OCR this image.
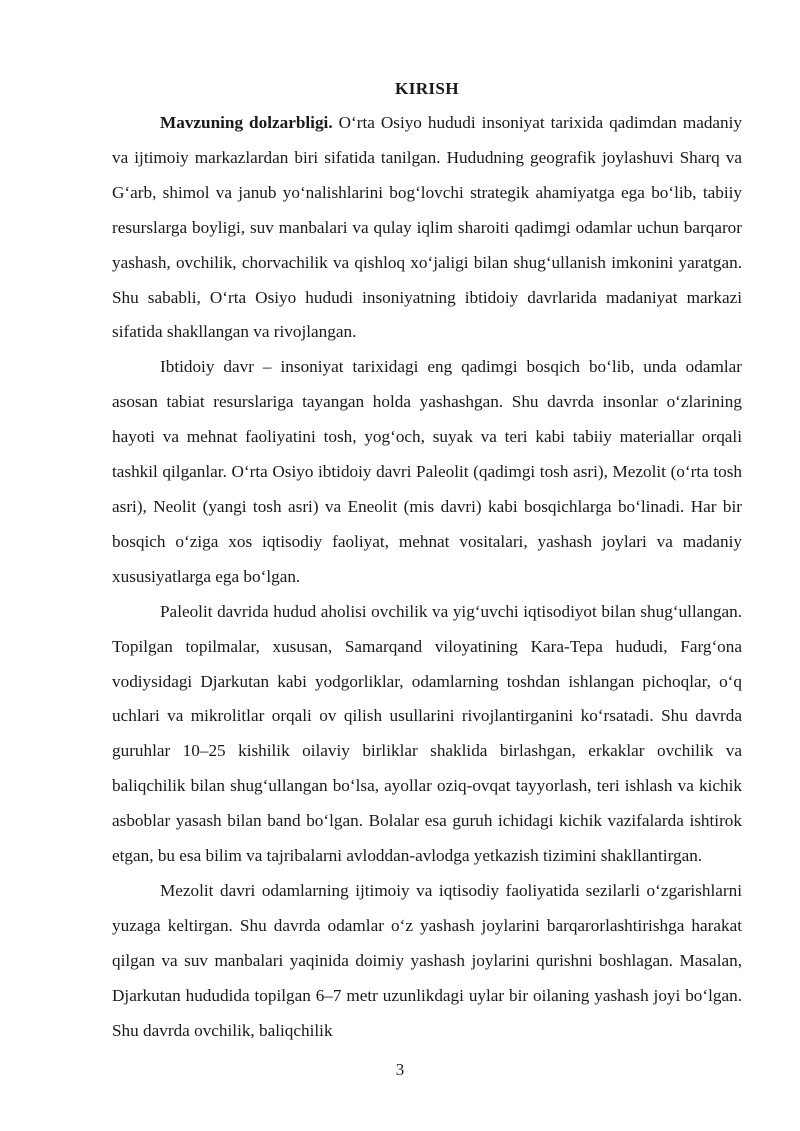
KIRISH

Mavzuning dolzarbligi. O‘rta Osiyo hududi insoniyat tarixida qadimdan madaniy va ijtimoiy markazlardan biri sifatida tanilgan. Hududning geografik joylashuvi Sharq va G‘arb, shimol va janub yo‘nalishlarini bog‘lovchi strategik ahamiyatga ega bo‘lib, tabiiy resurslarga boyligi, suv manbalari va qulay iqlim sharoiti qadimgi odamlar uchun barqaror yashash, ovchilik, chorvachilik va qishloq xo‘jaligi bilan shug‘ullanish imkonini yaratgan. Shu sababli, O‘rta Osiyo hududi insoniyatning ibtidoiy davrlarida madaniyat markazi sifatida shakllangan va rivojlangan.

Ibtidoiy davr – insoniyat tarixidagi eng qadimgi bosqich bo‘lib, unda odamlar asosan tabiat resurslariga tayangan holda yashashgan. Shu davrda insonlar o‘zlarining hayoti va mehnat faoliyatini tosh, yog‘och, suyak va teri kabi tabiiy materiallar orqali tashkil qilganlar. O‘rta Osiyo ibtidoiy davri Paleolit (qadimgi tosh asri), Mezolit (o‘rta tosh asri), Neolit (yangi tosh asri) va Eneolit (mis davri) kabi bosqichlarga bo‘linadi. Har bir bosqich o‘ziga xos iqtisodiy faoliyat, mehnat vositalari, yashash joylari va madaniy xususiyatlarga ega bo‘lgan.

Paleolit davrida hudud aholisi ovchilik va yig‘uvchi iqtisodiyot bilan shug‘ullangan. Topilgan topilmalar, xususan, Samarqand viloyatining Kara-Tepa hududi, Farg‘ona vodiysidagi Djarkutan kabi yodgorliklar, odamlarning toshdan ishlangan pichoqlar, o‘q uchlari va mikrolitlar orqali ov qilish usullarini rivojlantirganini ko‘rsatadi. Shu davrda guruhlar 10–25 kishilik oilaviy birliklar shaklida birlashgan, erkaklar ovchilik va baliqchilik bilan shug‘ullangan bo‘lsa, ayollar oziq-ovqat tayyorlash, teri ishlash va kichik asboblar yasash bilan band bo‘lgan. Bolalar esa guruh ichidagi kichik vazifalarda ishtirok etgan, bu esa bilim va tajribalarni avloddan-avlodga yetkazish tizimini shakllantirgan.

Mezolit davri odamlarning ijtimoiy va iqtisodiy faoliyatida sezilarli o‘zgarishlarni yuzaga keltirgan. Shu davrda odamlar o‘z yashash joylarini barqarorlashtirishga harakat qilgan va suv manbalari yaqinida doimiy yashash joylarini qurishni boshlagan. Masalan, Djarkutan hududida topilgan 6–7 metr uzunlikdagi uylar bir oilaning yashash joyi bo‘lgan. Shu davrda ovchilik, baliqchilik

3
